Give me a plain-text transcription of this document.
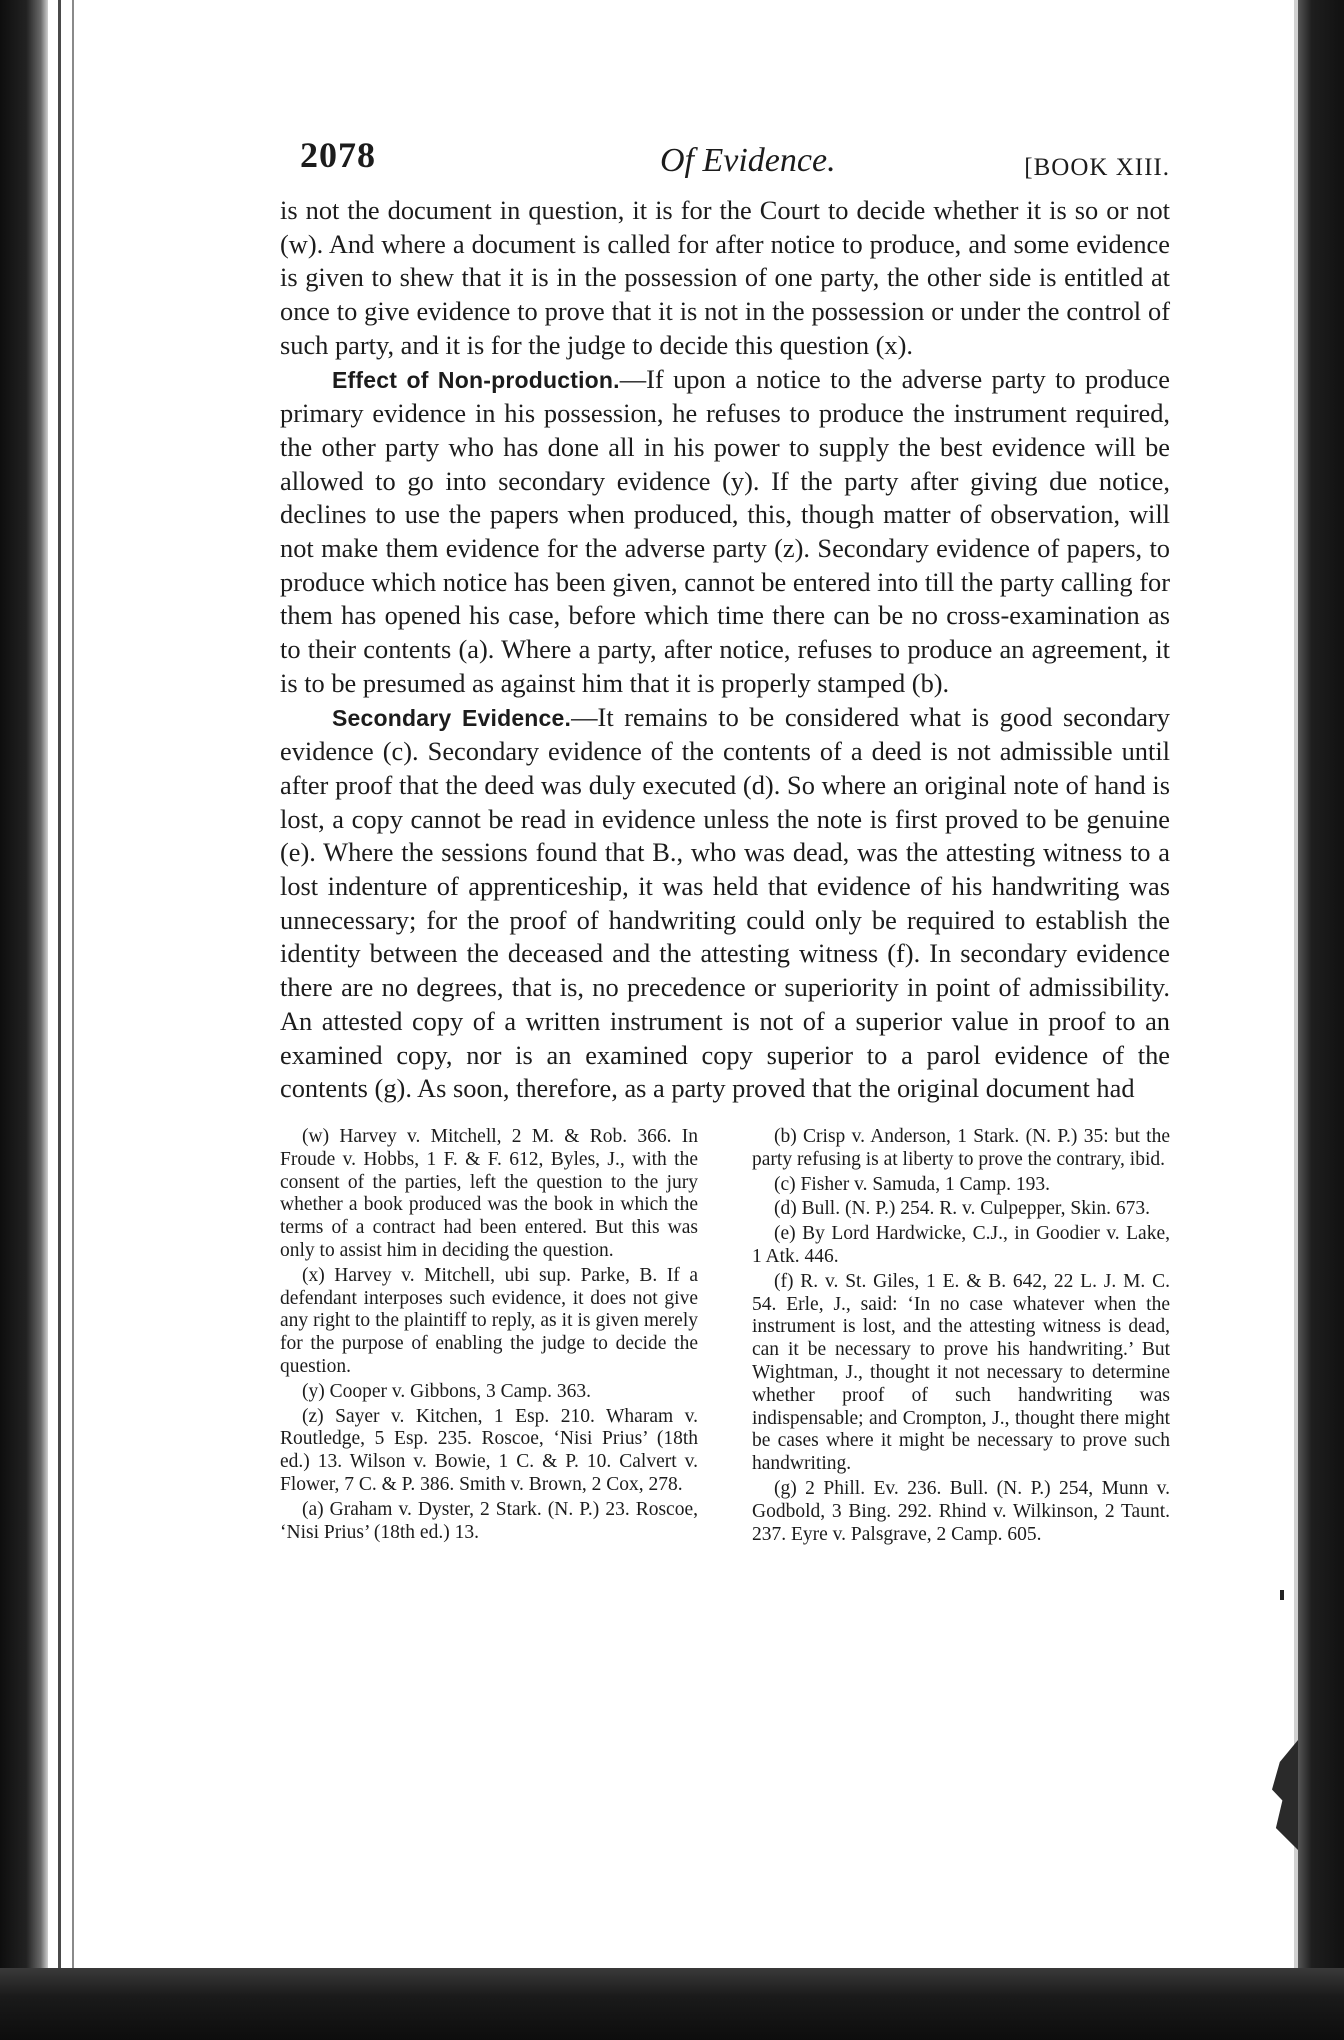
2078	Of Evidence.	[BOOK XIII.

is not the document in question, it is for the Court to decide whether it is so or not (w). And where a document is called for after notice to produce, and some evidence is given to shew that it is in the possession of one party, the other side is entitled at once to give evidence to prove that it is not in the possession or under the control of such party, and it is for the judge to decide this question (x).

Effect of Non-production.—If upon a notice to the adverse party to produce primary evidence in his possession, he refuses to produce the instrument required, the other party who has done all in his power to supply the best evidence will be allowed to go into secondary evidence (y). If the party after giving due notice, declines to use the papers when produced, this, though matter of observation, will not make them evidence for the adverse party (z). Secondary evidence of papers, to produce which notice has been given, cannot be entered into till the party calling for them has opened his case, before which time there can be no cross-examination as to their contents (a). Where a party, after notice, refuses to produce an agreement, it is to be presumed as against him that it is properly stamped (b).

Secondary Evidence.—It remains to be considered what is good secondary evidence (c). Secondary evidence of the contents of a deed is not admissible until after proof that the deed was duly executed (d). So where an original note of hand is lost, a copy cannot be read in evidence unless the note is first proved to be genuine (e). Where the sessions found that B., who was dead, was the attesting witness to a lost indenture of apprenticeship, it was held that evidence of his handwriting was unnecessary; for the proof of handwriting could only be required to establish the identity between the deceased and the attesting witness (f). In secondary evidence there are no degrees, that is, no precedence or superiority in point of admissibility. An attested copy of a written instrument is not of a superior value in proof to an examined copy, nor is an examined copy superior to a parol evidence of the contents (g). As soon, therefore, as a party proved that the original document had

(w) Harvey v. Mitchell, 2 M. & Rob. 366. In Froude v. Hobbs, 1 F. & F. 612, Byles, J., with the consent of the parties, left the question to the jury whether a book produced was the book in which the terms of a contract had been entered. But this was only to assist him in deciding the question.

(x) Harvey v. Mitchell, ubi sup. Parke, B. If a defendant interposes such evidence, it does not give any right to the plaintiff to reply, as it is given merely for the purpose of enabling the judge to decide the question.

(y) Cooper v. Gibbons, 3 Camp. 363.

(z) Sayer v. Kitchen, 1 Esp. 210. Wharam v. Routledge, 5 Esp. 235. Roscoe, ‘Nisi Prius’ (18th ed.) 13. Wilson v. Bowie, 1 C. & P. 10. Calvert v. Flower, 7 C. & P. 386. Smith v. Brown, 2 Cox, 278.

(a) Graham v. Dyster, 2 Stark. (N. P.) 23. Roscoe, ‘Nisi Prius’ (18th ed.) 13.

(b) Crisp v. Anderson, 1 Stark. (N. P.) 35: but the party refusing is at liberty to prove the contrary, ibid.

(c) Fisher v. Samuda, 1 Camp. 193.

(d) Bull. (N. P.) 254. R. v. Culpepper, Skin. 673.

(e) By Lord Hardwicke, C.J., in Goodier v. Lake, 1 Atk. 446.

(f) R. v. St. Giles, 1 E. & B. 642, 22 L. J. M. C. 54. Erle, J., said: ‘In no case whatever when the instrument is lost, and the attesting witness is dead, can it be necessary to prove his handwriting.’ But Wightman, J., thought it not necessary to determine whether proof of such handwriting was indispensable; and Crompton, J., thought there might be cases where it might be necessary to prove such handwriting.

(g) 2 Phill. Ev. 236. Bull. (N. P.) 254, Munn v. Godbold, 3 Bing. 292. Rhind v. Wilkinson, 2 Taunt. 237. Eyre v. Palsgrave, 2 Camp. 605.
